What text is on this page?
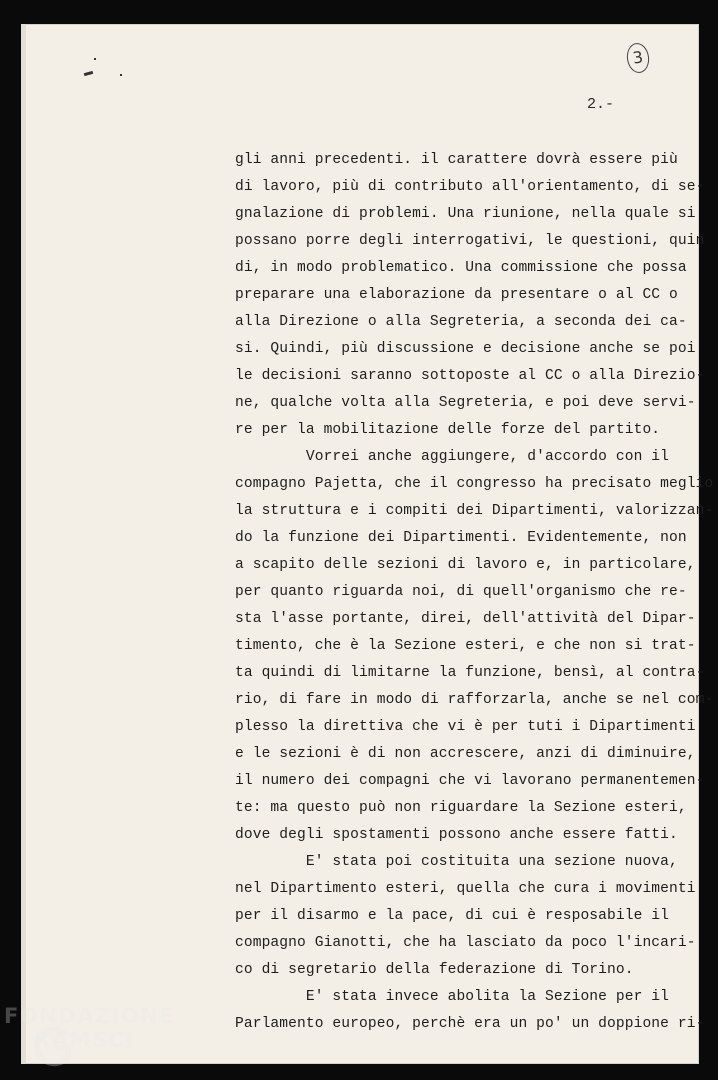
3
2.-
gli anni precedenti. il carattere dovrà essere più
di lavoro, più di contributo all'orientamento, di se-
gnalazione di problemi. Una riunione, nella quale si
possano porre degli interrogativi, le questioni, quin
di, in modo problematico. Una commissione che possa
preparare una elaborazione da presentare o al CC o
alla Direzione o alla Segreteria, a seconda dei ca-
si. Quindi, più discussione e decisione anche se poi
le decisioni saranno sottoposte al CC o alla Direzio-
ne, qualche volta alla Segreteria, e poi deve servi-
re per la mobilitazione delle forze del partito.
Vorrei anche aggiungere, d'accordo con il
compagno Pajetta, che il congresso ha precisato meglio
la struttura e i compiti dei Dipartimenti, valorizzan-
do la funzione dei Dipartimenti. Evidentemente, non
a scapito delle sezioni di lavoro e, in particolare,
per quanto riguarda noi, di quell'organismo che re-
sta l'asse portante, direi, dell'attività del Dipar-
timento, che è la Sezione esteri, e che non si trat-
ta quindi di limitarne la funzione, bensì, al contra-
rio, di fare in modo di rafforzarla, anche se nel com-
plesso la direttiva che vi è per tuti i Dipartimenti
e le sezioni è di non accrescere, anzi di diminuire,
il numero dei compagni che vi lavorano permanentemen-
te: ma questo può non riguardare la Sezione esteri,
dove degli spostamenti possono anche essere fatti.
E' stata poi costituita una sezione nuova,
nel Dipartimento esteri, quella che cura i movimenti
per il disarmo e la pace, di cui è resposabile il
compagno Gianotti, che ha lasciato da poco l'incari-
co di segretario della federazione di Torino.
E' stata invece abolita la Sezione per il
Parlamento europeo, perchè era un po' un doppione ri-
FONDAZIONE
RAMSCI
